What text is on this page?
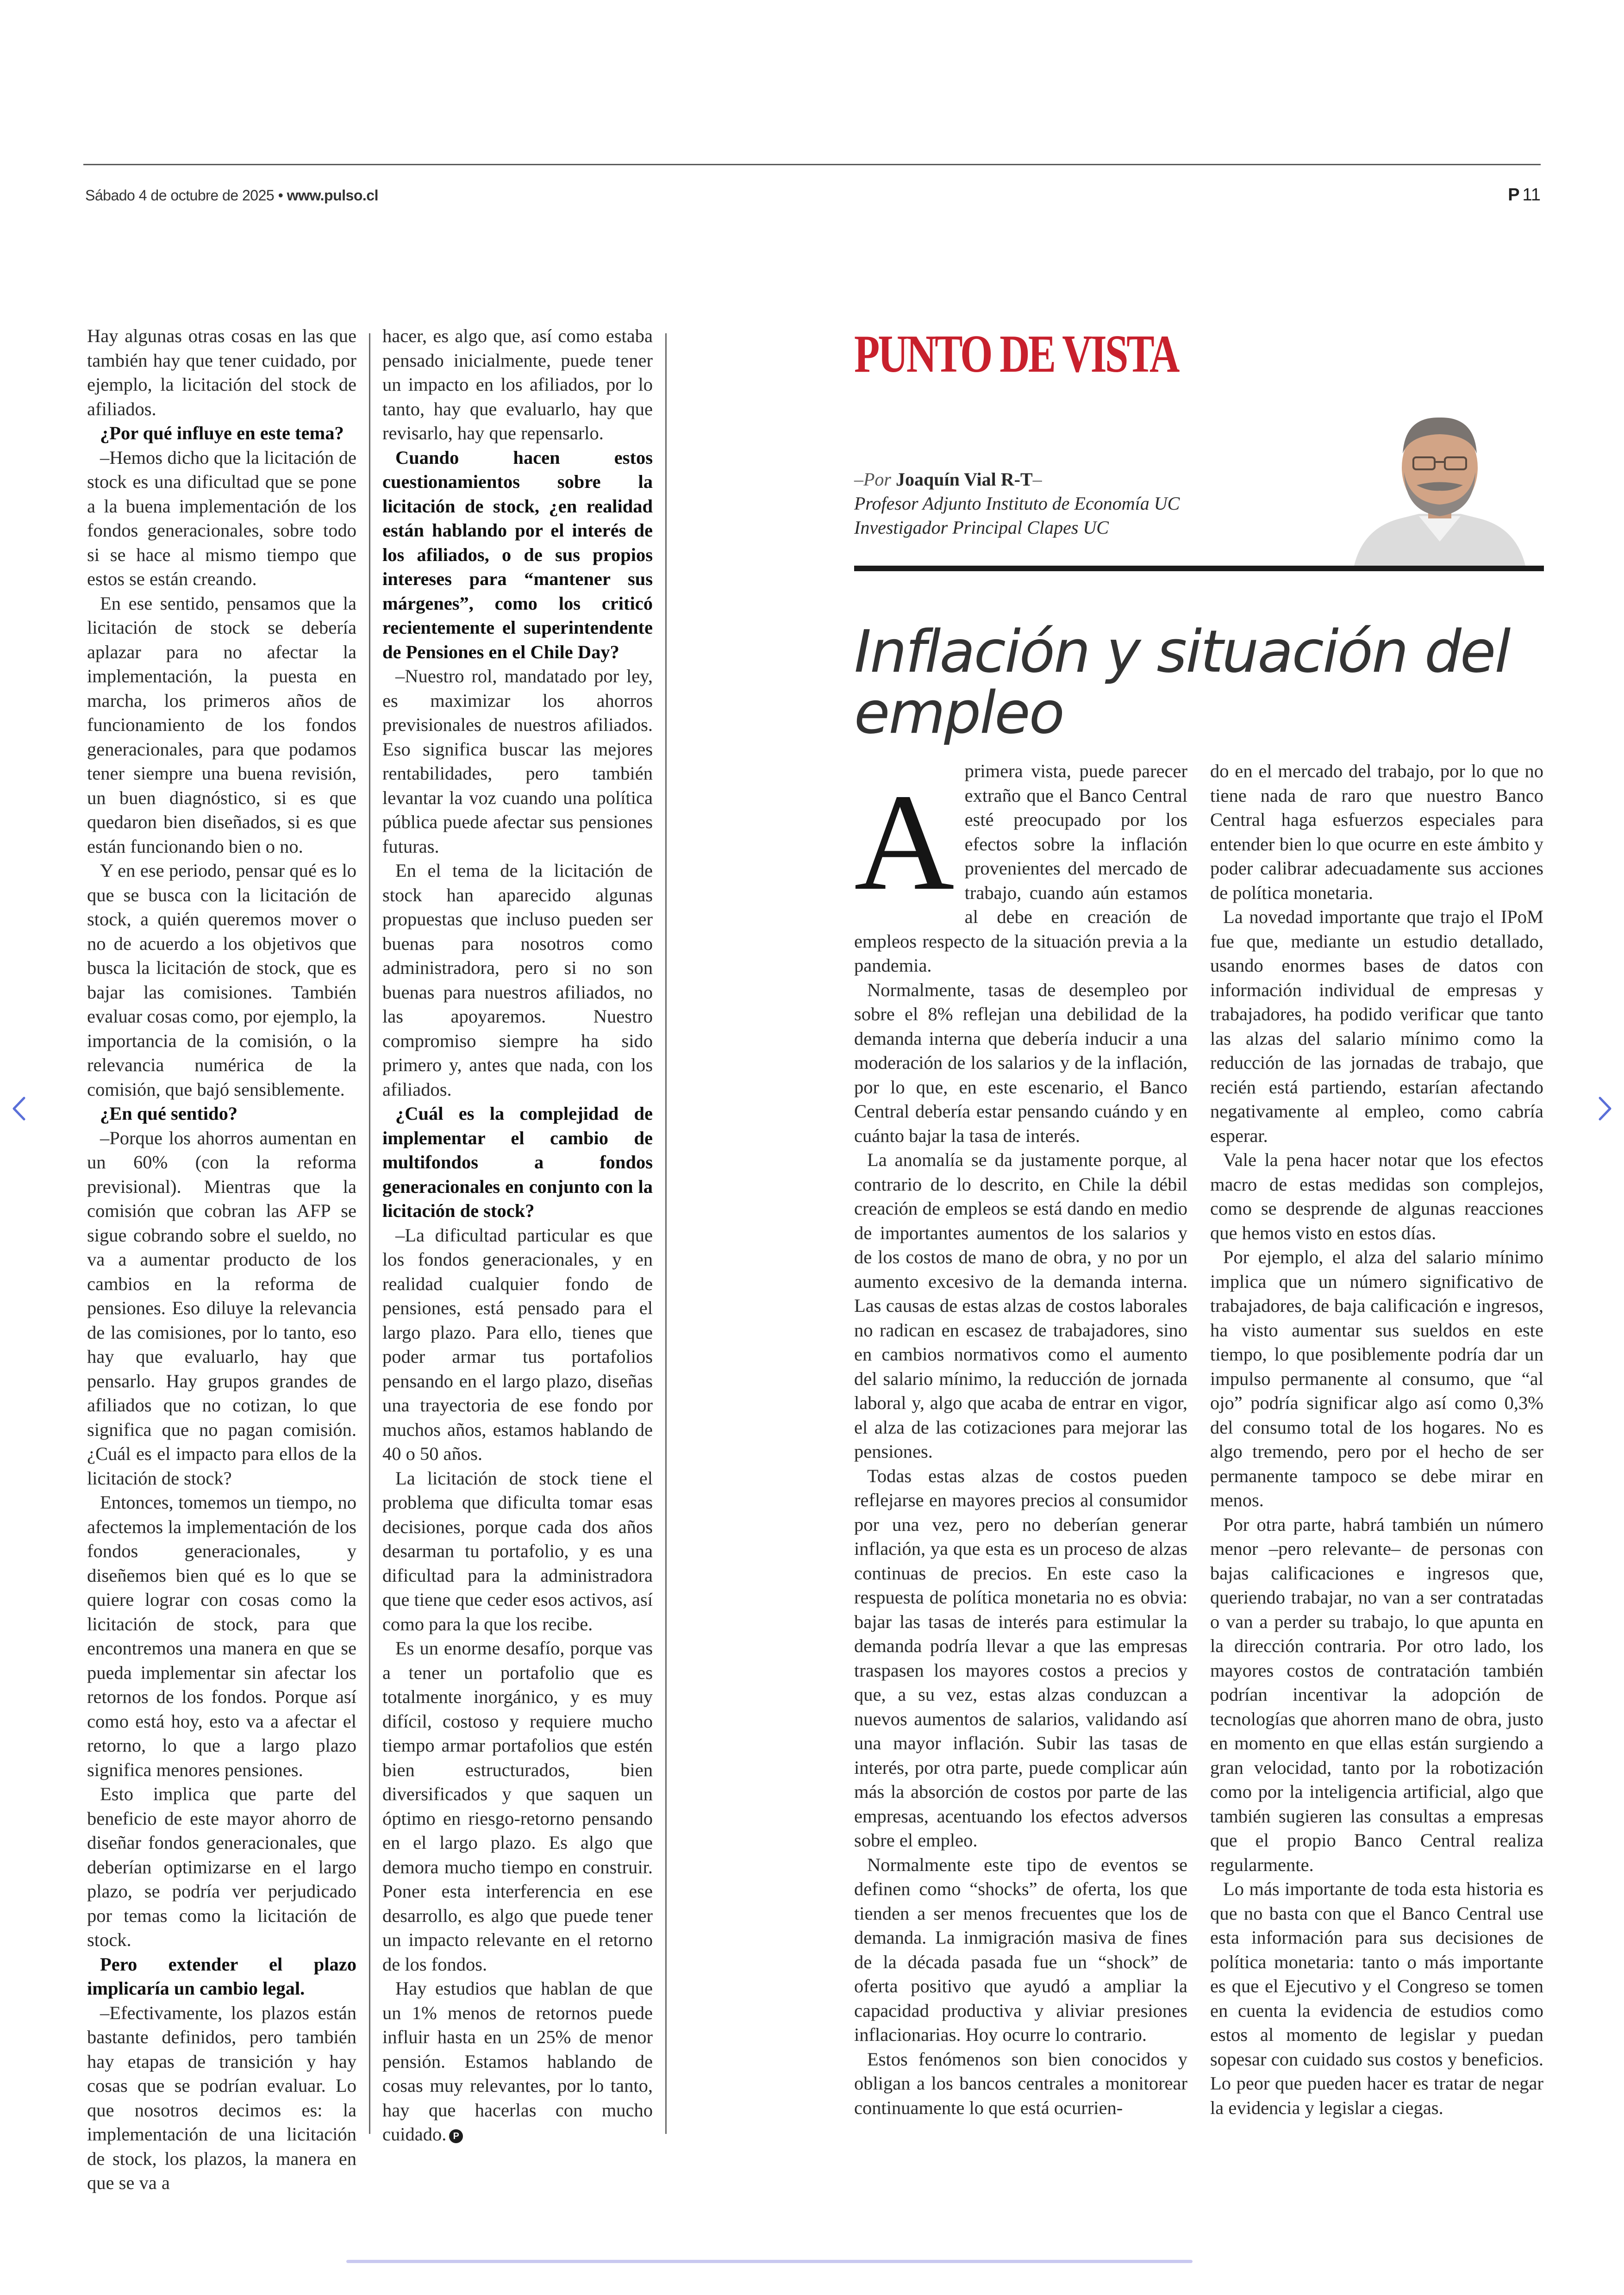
Sábado 4 de octubre de 2025 • www.pulso.cl	P 11

Hay algunas otras cosas en las que también hay que tener cuidado, por ejemplo, la licitación del stock de afiliados.

¿Por qué influye en este tema?

–Hemos dicho que la licitación de stock es una dificultad que se pone a la buena implementación de los fondos generacionales, sobre todo si se hace al mismo tiempo que estos se están creando.

En ese sentido, pensamos que la licitación de stock se debería aplazar para no afectar la implementación, la puesta en marcha, los primeros años de funcionamiento de los fondos generacionales, para que podamos tener siempre una buena revisión, un buen diagnóstico, si es que quedaron bien diseñados, si es que están funcionando bien o no.

Y en ese periodo, pensar qué es lo que se busca con la licitación de stock, a quién queremos mover o no de acuerdo a los objetivos que busca la licitación de stock, que es bajar las comisiones. También evaluar cosas como, por ejemplo, la importancia de la comisión, o la relevancia numérica de la comisión, que bajó sensiblemente.

¿En qué sentido?

–Porque los ahorros aumentan en un 60% (con la reforma previsional). Mientras que la comisión que cobran las AFP se sigue cobrando sobre el sueldo, no va a aumentar producto de los cambios en la reforma de pensiones. Eso diluye la relevancia de las comisiones, por lo tanto, eso hay que evaluarlo, hay que pensarlo. Hay grupos grandes de afiliados que no cotizan, lo que significa que no pagan comisión. ¿Cuál es el impacto para ellos de la licitación de stock?

Entonces, tomemos un tiempo, no afectemos la implementación de los fondos generacionales, y diseñemos bien qué es lo que se quiere lograr con cosas como la licitación de stock, para que encontremos una manera en que se pueda implementar sin afectar los retornos de los fondos. Porque así como está hoy, esto va a afectar el retorno, lo que a largo plazo significa menores pensiones.

Esto implica que parte del beneficio de este mayor ahorro de diseñar fondos generacionales, que deberían optimizarse en el largo plazo, se podría ver perjudicado por temas como la licitación de stock.

Pero extender el plazo implicaría un cambio legal.

–Efectivamente, los plazos están bastante definidos, pero también hay etapas de transición y hay cosas que se podrían evaluar. Lo que nosotros decimos es: la implementación de una licitación de stock, los plazos, la manera en que se va a

hacer, es algo que, así como estaba pensado inicialmente, puede tener un impacto en los afiliados, por lo tanto, hay que evaluarlo, hay que revisarlo, hay que repensarlo.

Cuando hacen estos cuestionamientos sobre la licitación de stock, ¿en realidad están hablando por el interés de los afiliados, o de sus propios intereses para “mantener sus márgenes”, como los criticó recientemente el superintendente de Pensiones en el Chile Day?

–Nuestro rol, mandatado por ley, es maximizar los ahorros previsionales de nuestros afiliados. Eso significa buscar las mejores rentabilidades, pero también levantar la voz cuando una política pública puede afectar sus pensiones futuras.

En el tema de la licitación de stock han aparecido algunas propuestas que incluso pueden ser buenas para nosotros como administradora, pero si no son buenas para nuestros afiliados, no las apoyaremos. Nuestro compromiso siempre ha sido primero y, antes que nada, con los afiliados.

¿Cuál es la complejidad de implementar el cambio de multifondos a fondos generacionales en conjunto con la licitación de stock?

–La dificultad particular es que los fondos generacionales, y en realidad cualquier fondo de pensiones, está pensado para el largo plazo. Para ello, tienes que poder armar tus portafolios pensando en el largo plazo, diseñas una trayectoria de ese fondo por muchos años, estamos hablando de 40 o 50 años.

La licitación de stock tiene el problema que dificulta tomar esas decisiones, porque cada dos años desarman tu portafolio, y es una dificultad para la administradora que tiene que ceder esos activos, así como para la que los recibe.

Es un enorme desafío, porque vas a tener un portafolio que es totalmente inorgánico, y es muy difícil, costoso y requiere mucho tiempo armar portafolios que estén bien estructurados, bien diversificados y que saquen un óptimo en riesgo-retorno pensando en el largo plazo. Es algo que demora mucho tiempo en construir. Poner esta interferencia en ese desarrollo, es algo que puede tener un impacto relevante en el retorno de los fondos.

Hay estudios que hablan de que un 1% menos de retornos puede influir hasta en un 25% de menor pensión. Estamos hablando de cosas muy relevantes, por lo tanto, hay que hacerlas con mucho cuidado. P

PUNTO DE VISTA
–Por Joaquín Vial R-T–
Profesor Adjunto Instituto de Economía UC
Investigador Principal Clapes UC
Inflación y situación del empleo

Aprimera vista, puede parecer extraño que el Banco Central esté preocupado por los efectos sobre la inflación provenientes del mercado de trabajo, cuando aún estamos al debe en creación de empleos respecto de la situación previa a la pandemia.

Normalmente, tasas de desempleo por sobre el 8% reflejan una debilidad de la demanda interna que debería inducir a una moderación de los salarios y de la inflación, por lo que, en este escenario, el Banco Central debería estar pensando cuándo y en cuánto bajar la tasa de interés.

La anomalía se da justamente porque, al contrario de lo descrito, en Chile la débil creación de empleos se está dando en medio de importantes aumentos de los salarios y de los costos de mano de obra, y no por un aumento excesivo de la demanda interna. Las causas de estas alzas de costos laborales no radican en escasez de trabajadores, sino en cambios normativos como el aumento del salario mínimo, la reducción de jornada laboral y, algo que acaba de entrar en vigor, el alza de las cotizaciones para mejorar las pensiones.

Todas estas alzas de costos pueden reflejarse en mayores precios al consumidor por una vez, pero no deberían generar inflación, ya que esta es un proceso de alzas continuas de precios. En este caso la respuesta de política monetaria no es obvia: bajar las tasas de interés para estimular la demanda podría llevar a que las empresas traspasen los mayores costos a precios y que, a su vez, estas alzas conduzcan a nuevos aumentos de salarios, validando así una mayor inflación. Subir las tasas de interés, por otra parte, puede complicar aún más la absorción de costos por parte de las empresas, acentuando los efectos adversos sobre el empleo.

Normalmente este tipo de eventos se definen como “shocks” de oferta, los que tienden a ser menos frecuentes que los de demanda. La inmigración masiva de fines de la década pasada fue un “shock” de oferta positivo que ayudó a ampliar la capacidad productiva y aliviar presiones inflacionarias. Hoy ocurre lo contrario.

Estos fenómenos son bien conocidos y obligan a los bancos centrales a monitorear continuamente lo que está ocurrien-

do en el mercado del trabajo, por lo que no tiene nada de raro que nuestro Banco Central haga esfuerzos especiales para entender bien lo que ocurre en este ámbito y poder calibrar adecuadamente sus acciones de política monetaria.

La novedad importante que trajo el IPoM fue que, mediante un estudio detallado, usando enormes bases de datos con información individual de empresas y trabajadores, ha podido verificar que tanto las alzas del salario mínimo como la reducción de las jornadas de trabajo, que recién está partiendo, estarían afectando negativamente al empleo, como cabría esperar.

Vale la pena hacer notar que los efectos macro de estas medidas son complejos, como se desprende de algunas reacciones que hemos visto en estos días.

Por ejemplo, el alza del salario mínimo implica que un número significativo de trabajadores, de baja calificación e ingresos, ha visto aumentar sus sueldos en este tiempo, lo que posiblemente podría dar un impulso permanente al consumo, que “al ojo” podría significar algo así como 0,3% del consumo total de los hogares. No es algo tremendo, pero por el hecho de ser permanente tampoco se debe mirar en menos.

Por otra parte, habrá también un número menor –pero relevante– de personas con bajas calificaciones e ingresos que, queriendo trabajar, no van a ser contratadas o van a perder su trabajo, lo que apunta en la dirección contraria. Por otro lado, los mayores costos de contratación también podrían incentivar la adopción de tecnologías que ahorren mano de obra, justo en momento en que ellas están surgiendo a gran velocidad, tanto por la robotización como por la inteligencia artificial, algo que también sugieren las consultas a empresas que el propio Banco Central realiza regularmente.

Lo más importante de toda esta historia es que no basta con que el Banco Central use esta información para sus decisiones de política monetaria: tanto o más importante es que el Ejecutivo y el Congreso se tomen en cuenta la evidencia de estudios como estos al momento de legislar y puedan sopesar con cuidado sus costos y beneficios. Lo peor que pueden hacer es tratar de negar la evidencia y legislar a ciegas.
